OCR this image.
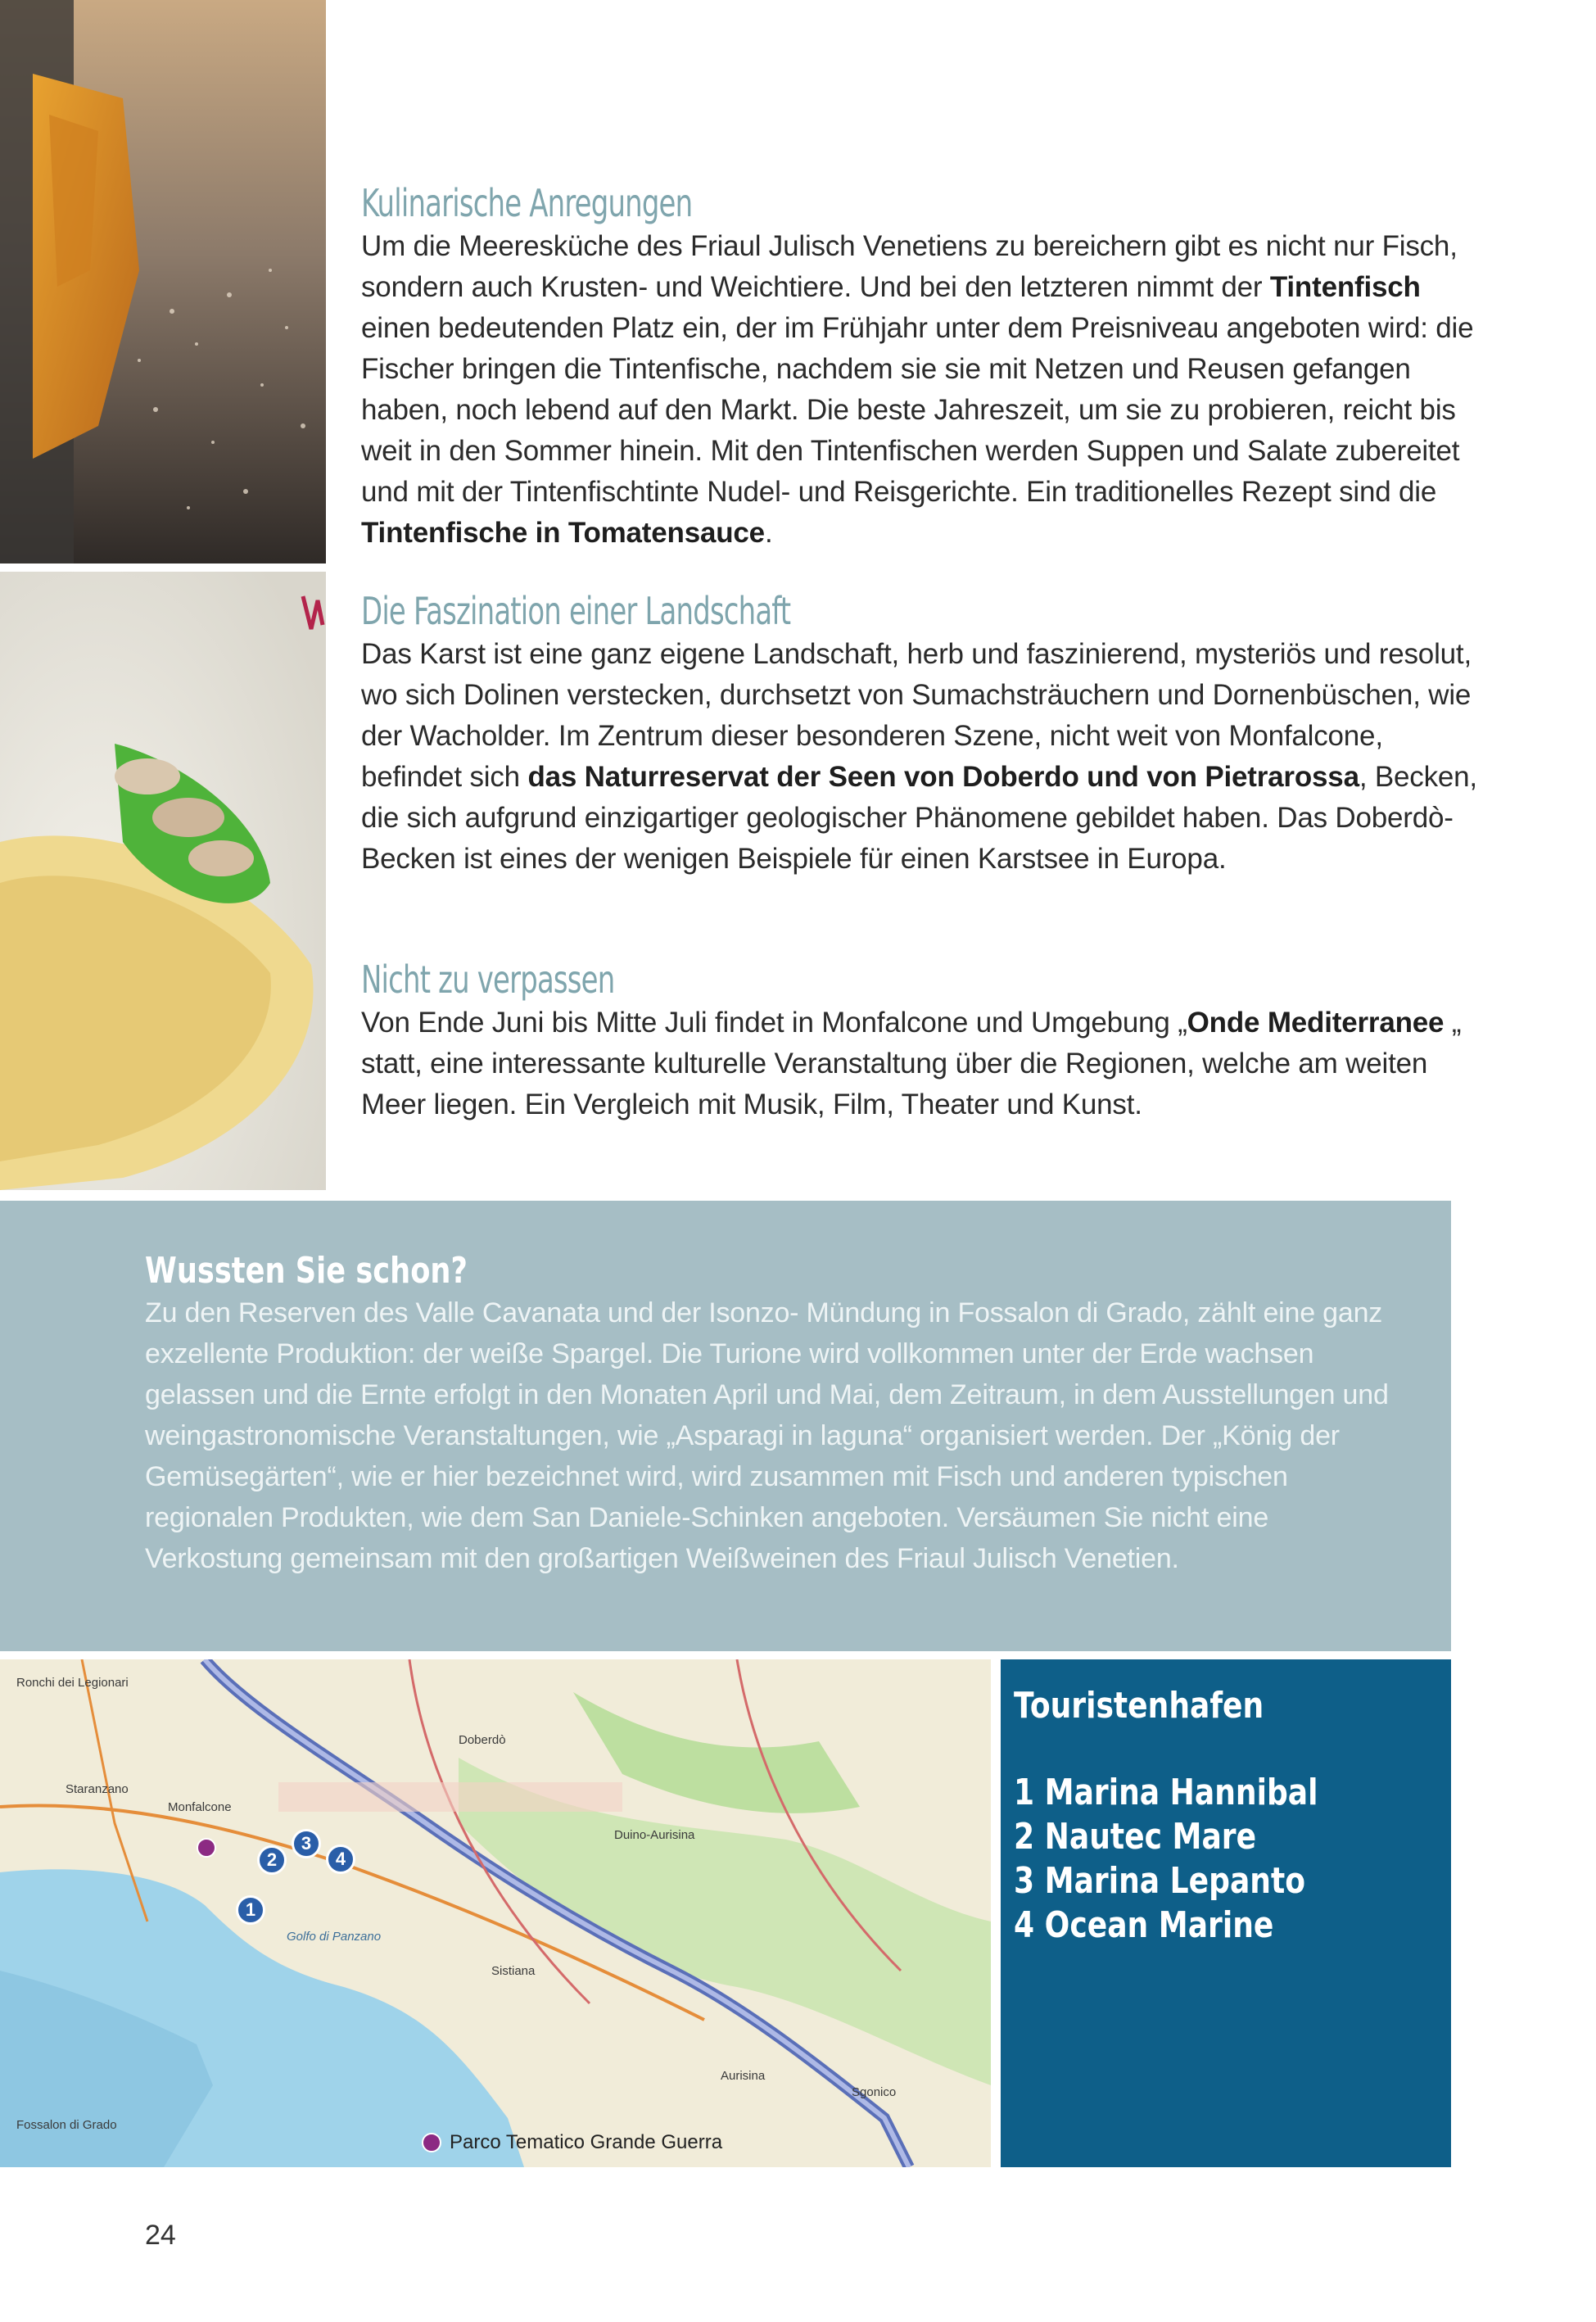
Kulinarische Anregungen

Um die Meeresküche des Friaul Julisch Venetiens zu bereichern gibt es nicht nur Fisch, sondern auch Krusten- und Weichtiere. Und bei den letzteren nimmt der Tintenfisch einen bedeutenden Platz ein, der im Frühjahr unter dem Preisniveau angeboten wird: die Fischer bringen die Tintenfische, nachdem sie sie mit Netzen und Reusen gefangen haben, noch lebend auf den Markt. Die beste Jahreszeit, um sie zu probieren, reicht bis weit in den Sommer hinein. Mit den Tintenfischen werden Suppen und Salate zubereitet und mit der Tintenfischtinte Nudel- und Reisgerichte. Ein traditionelles Rezept sind die Tintenfische in Tomatensauce.

Die Faszination einer Landschaft

Das Karst ist eine ganz eigene Landschaft, herb und faszinierend, mysteriös und resolut, wo sich Dolinen verstecken, durchsetzt von Sumachsträuchern und Dornenbüschen, wie der Wacholder. Im Zentrum dieser besonderen Szene, nicht weit von Monfalcone, befindet sich das Naturreservat der Seen von Doberdo und von Pietrarossa, Becken, die sich aufgrund einzigartiger geologischer Phänomene gebildet haben. Das Doberdò-Becken ist eines der wenigen Beispiele für einen Karstsee in Europa.

Nicht zu verpassen

Von Ende Juni bis Mitte Juli findet in Monfalcone und Umgebung „Onde Mediterranee „ statt, eine interessante kulturelle Veranstaltung über die Regionen, welche am weiten Meer liegen. Ein Vergleich mit Musik, Film, Theater und Kunst.

Wussten Sie schon?

Zu den Reserven des Valle Cavanata und der Isonzo- Mündung in Fossalon di Grado, zählt eine ganz exzellente Produktion: der weiße Spargel. Die Turione wird vollkommen unter der Erde wachsen gelassen und die Ernte erfolgt in den Monaten April und Mai, dem Zeitraum, in dem Ausstellungen und weingastronomische Veranstaltungen, wie „Asparagi in laguna“ organisiert werden. Der „König der Gemüsegärten“, wie er hier bezeichnet wird, wird zusammen mit Fisch und anderen typischen regionalen Produkten, wie dem San Daniele-Schinken angeboten. Versäumen Sie nicht eine Verkostung gemeinsam mit den großartigen Weißweinen des Friaul Julisch Venetien.

Monfalcone
Staranzano
Golfo di Panzano
Duino-Aurisina
Sistiana
Aurisina
Sgonico
Fossalon di Grado
Ronchi dei Legionari
Doberdò
1
2
3
4
Parco Tematico Grande Guerra
Touristenhafen
1 Marina Hannibal
2 Nautec Mare
3 Marina Lepanto
4 Ocean Marine
24
